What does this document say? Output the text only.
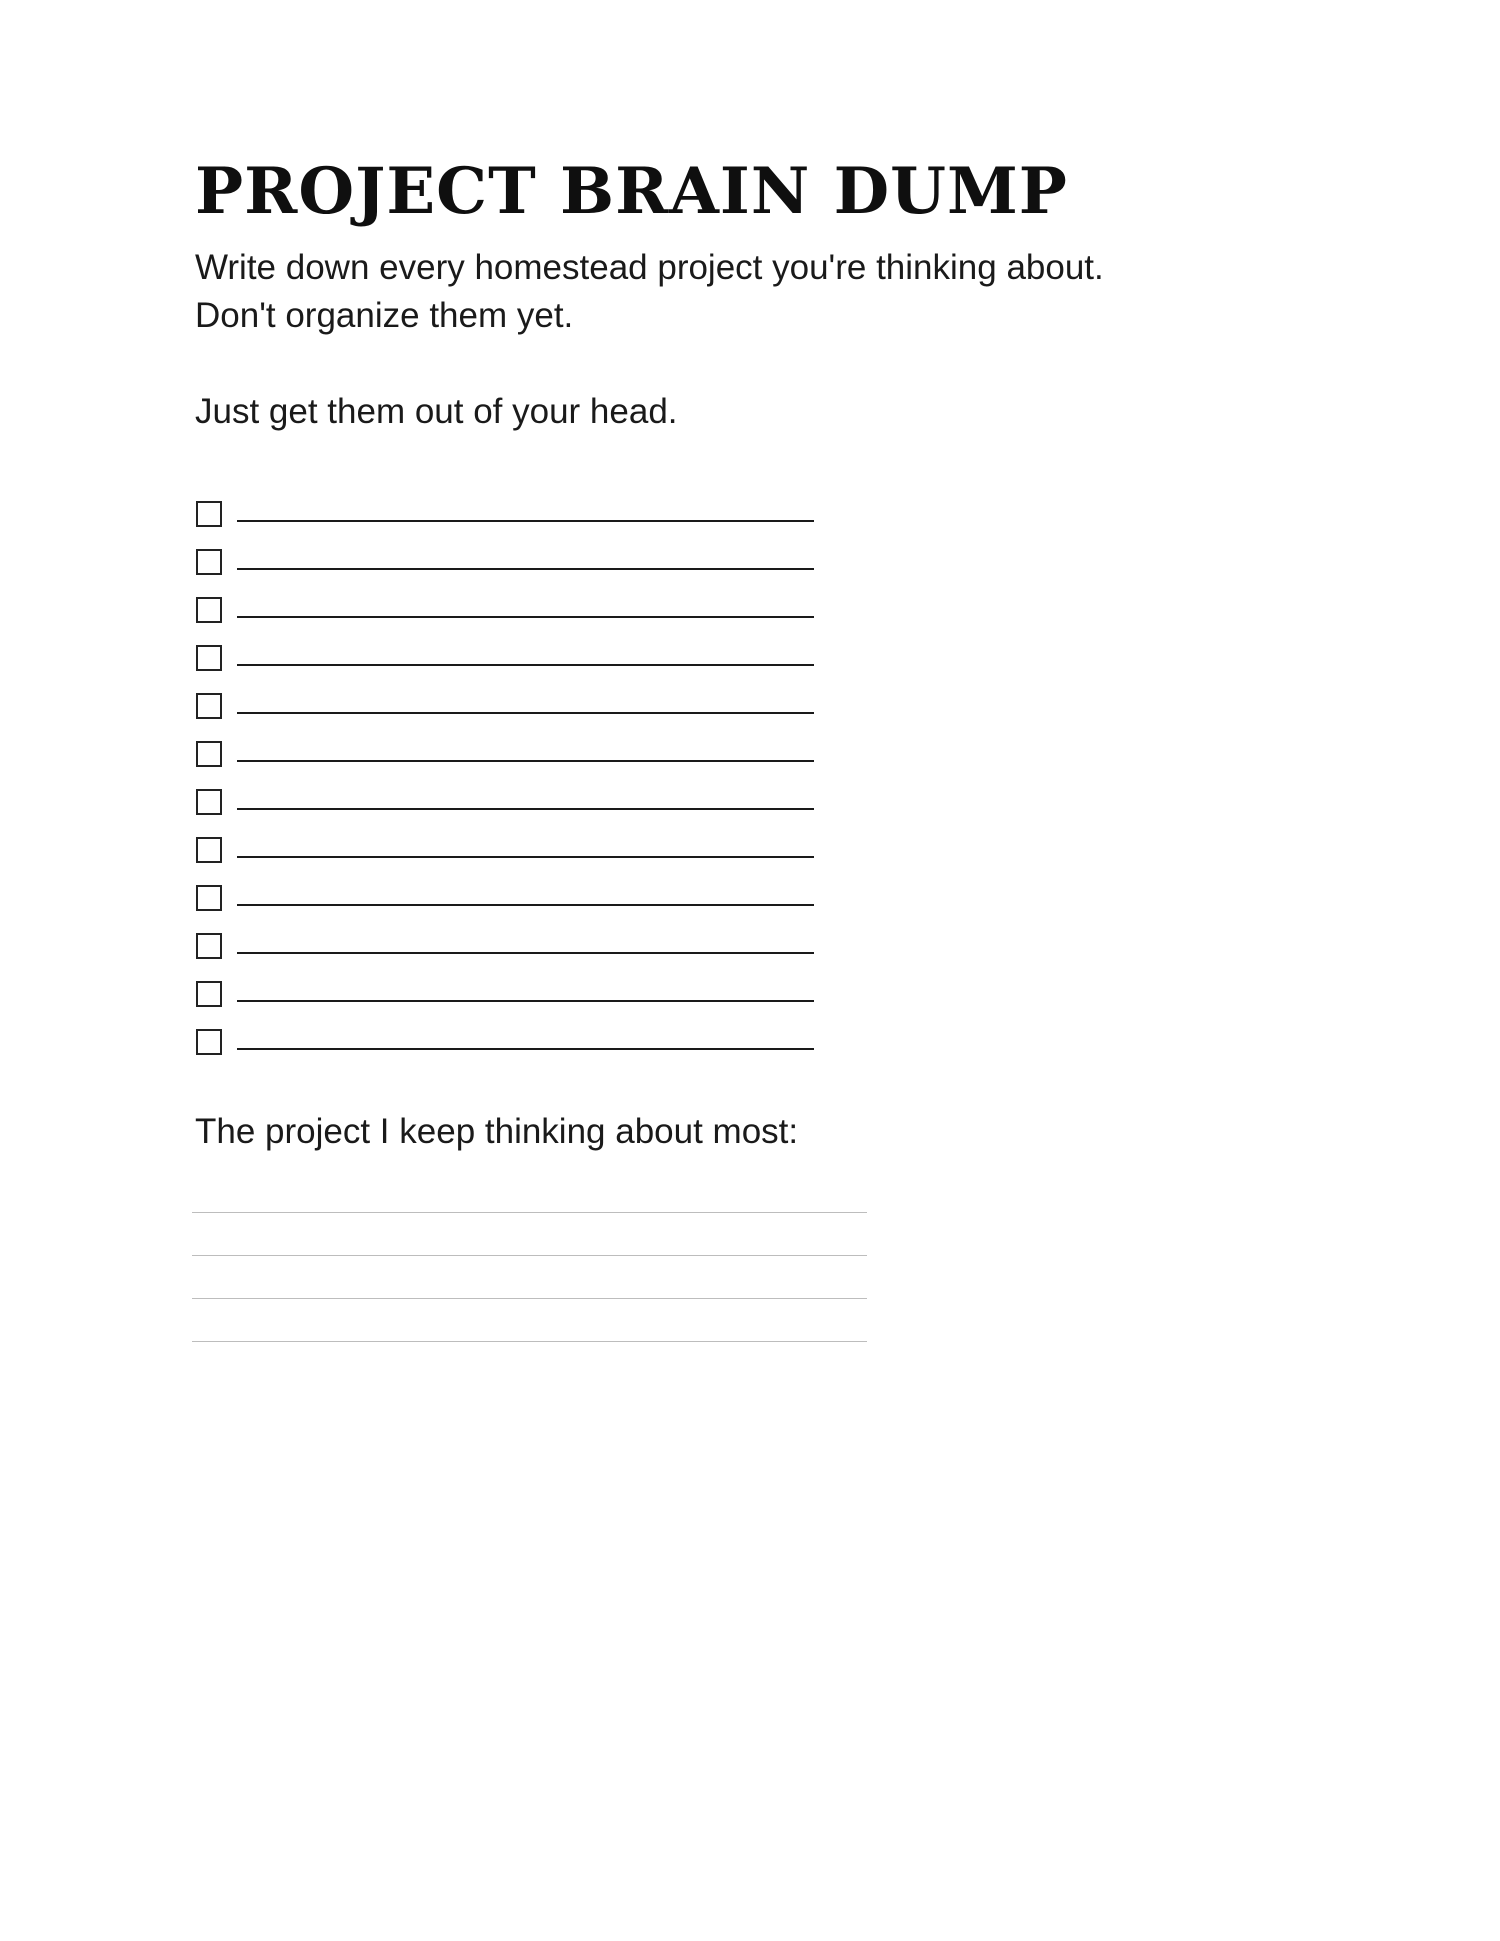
PROJECT BRAIN DUMP
Write down every homestead project you're thinking about.
Don't organize them yet.
Just get them out of your head.

The project I keep thinking about most:
